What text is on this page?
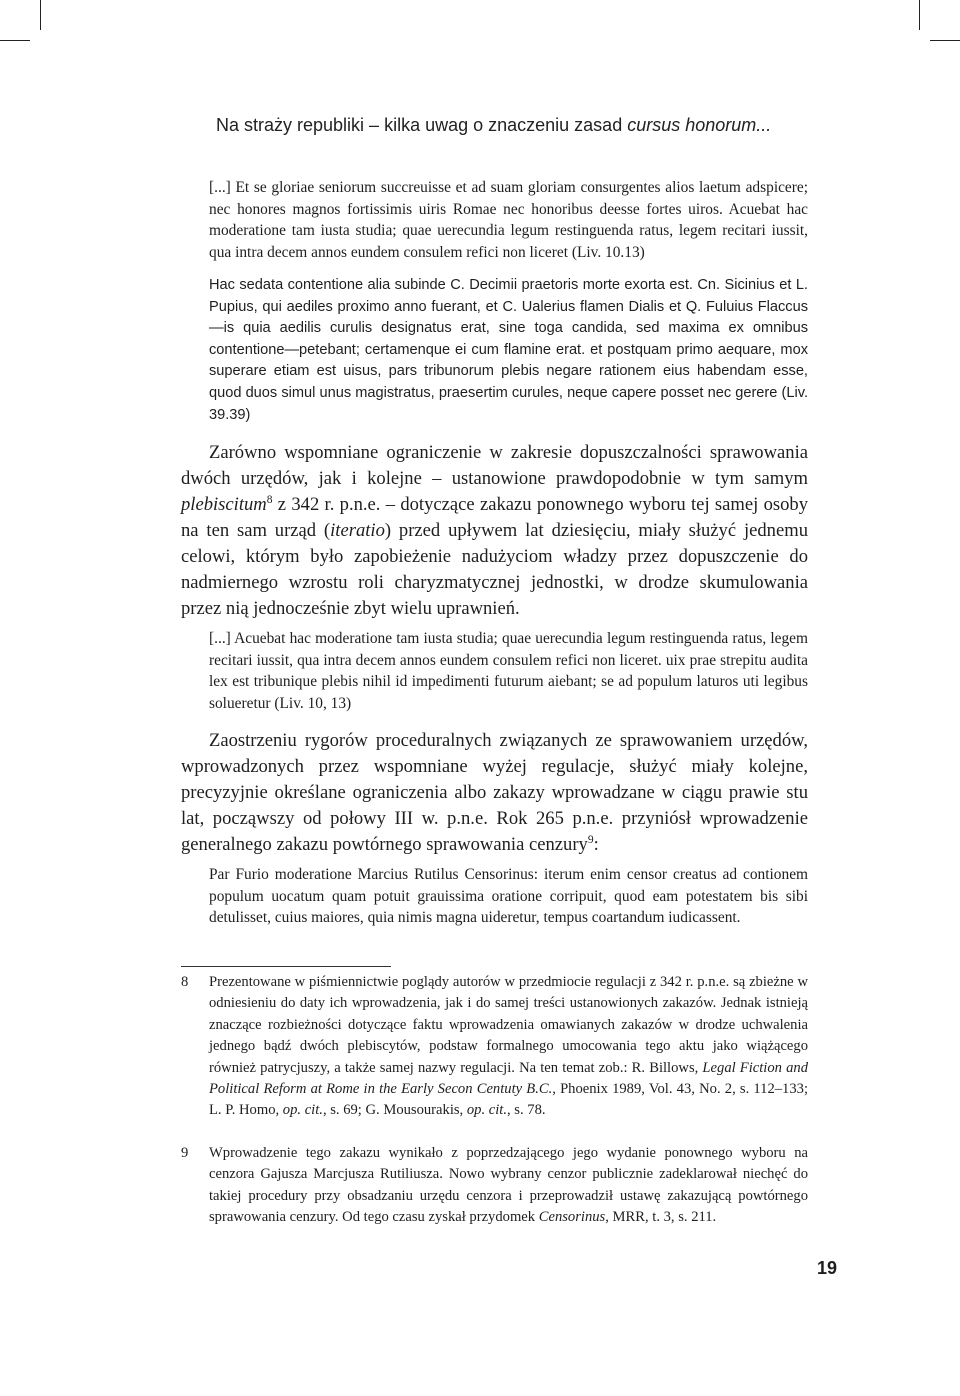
Na straży republiki – kilka uwag o znaczeniu zasad cursus honorum...

[...] Et se gloriae seniorum succreuisse et ad suam gloriam consurgentes alios laetum adspicere; nec honores magnos fortissimis uiris Romae nec honoribus deesse fortes uiros. Acuebat hac moderatione tam iusta studia; quae uerecundia legum restinguenda ratus, legem recitari iussit, qua intra decem annos eundem consulem refici non liceret (Liv. 10.13)

Hac sedata contentione alia subinde C. Decimii praetoris morte exorta est. Cn. Sicinius et L. Pupius, qui aediles proximo anno fuerant, et C. Ualerius flamen Dialis et Q. Fuluius Flaccus—is quia aedilis curulis designatus erat, sine toga candida, sed maxima ex omnibus contentione—petebant; certamenque ei cum flamine erat. et postquam primo aequare, mox superare etiam est uisus, pars tribunorum plebis negare rationem eius habendam esse, quod duos simul unus magistratus, praesertim curules, neque capere posset nec gerere (Liv. 39.39)

Zarówno wspomniane ograniczenie w zakresie dopuszczalności sprawowania dwóch urzędów, jak i kolejne – ustanowione prawdopodobnie w tym samym plebiscitum$^8$ z 342 r. p.n.e. – dotyczące zakazu ponownego wyboru tej samej osoby na ten sam urząd (iteratio) przed upływem lat dziesięciu, miały służyć jednemu celowi, którym było zapobieżenie nadużyciom władzy przez dopuszczenie do nadmiernego wzrostu roli charyzmatycznej jednostki, w drodze skumulowania przez nią jednocześnie zbyt wielu uprawnień.

[...] Acuebat hac moderatione tam iusta studia; quae uerecundia legum restinguenda ratus, legem recitari iussit, qua intra decem annos eundem consulem refici non liceret. uix prae strepitu audita lex est tribunique plebis nihil id impedimenti futurum aiebant; se ad populum laturos uti legibus solueretur (Liv. 10, 13)

Zaostrzeniu rygorów proceduralnych związanych ze sprawowaniem urzędów, wprowadzonych przez wspomniane wyżej regulacje, służyć miały kolejne, precyzyjnie określane ograniczenia albo zakazy wprowadzane w ciągu prawie stu lat, począwszy od połowy III w. p.n.e. Rok 265 p.n.e. przyniósł wprowadzenie generalnego zakazu powtórnego sprawowania cenzury$^9$:

Par Furio moderatione Marcius Rutilus Censorinus: iterum enim censor creatus ad contionem populum uocatum quam potuit grauissima oratione corripuit, quod eam potestatem bis sibi detulisset, cuius maiores, quia nimis magna uideretur, tempus coartandum iudicassent.

8 Prezentowane w piśmiennictwie poglądy autorów w przedmiocie regulacji z 342 r. p.n.e. są zbieżne w odniesieniu do daty ich wprowadzenia, jak i do samej treści ustanowionych zakazów. Jednak istnieją znaczące rozbieżności dotyczące faktu wprowadzenia omawianych zakazów w drodze uchwalenia jednego bądź dwóch plebiscytów, podstaw formalnego umocowania tego aktu jako wiążącego również patrycjuszy, a także samej nazwy regulacji. Na ten temat zob.: R. Billows, Legal Fiction and Political Reform at Rome in the Early Secon Centuty B.C., Phoenix 1989, Vol. 43, No. 2, s. 112–133; L. P. Homo, op. cit., s. 69; G. Mousourakis, op. cit., s. 78.
9 Wprowadzenie tego zakazu wynikało z poprzedzającego jego wydanie ponownego wyboru na cenzora Gajusza Marcjusza Rutiliusza. Nowo wybrany cenzor publicznie zadeklarował niechęć do takiej procedury przy obsadzaniu urzędu cenzora i przeprowadził ustawę zakazującą powtórnego sprawowania cenzury. Od tego czasu zyskał przydomek Censorinus, MRR, t. 3, s. 211.
19
